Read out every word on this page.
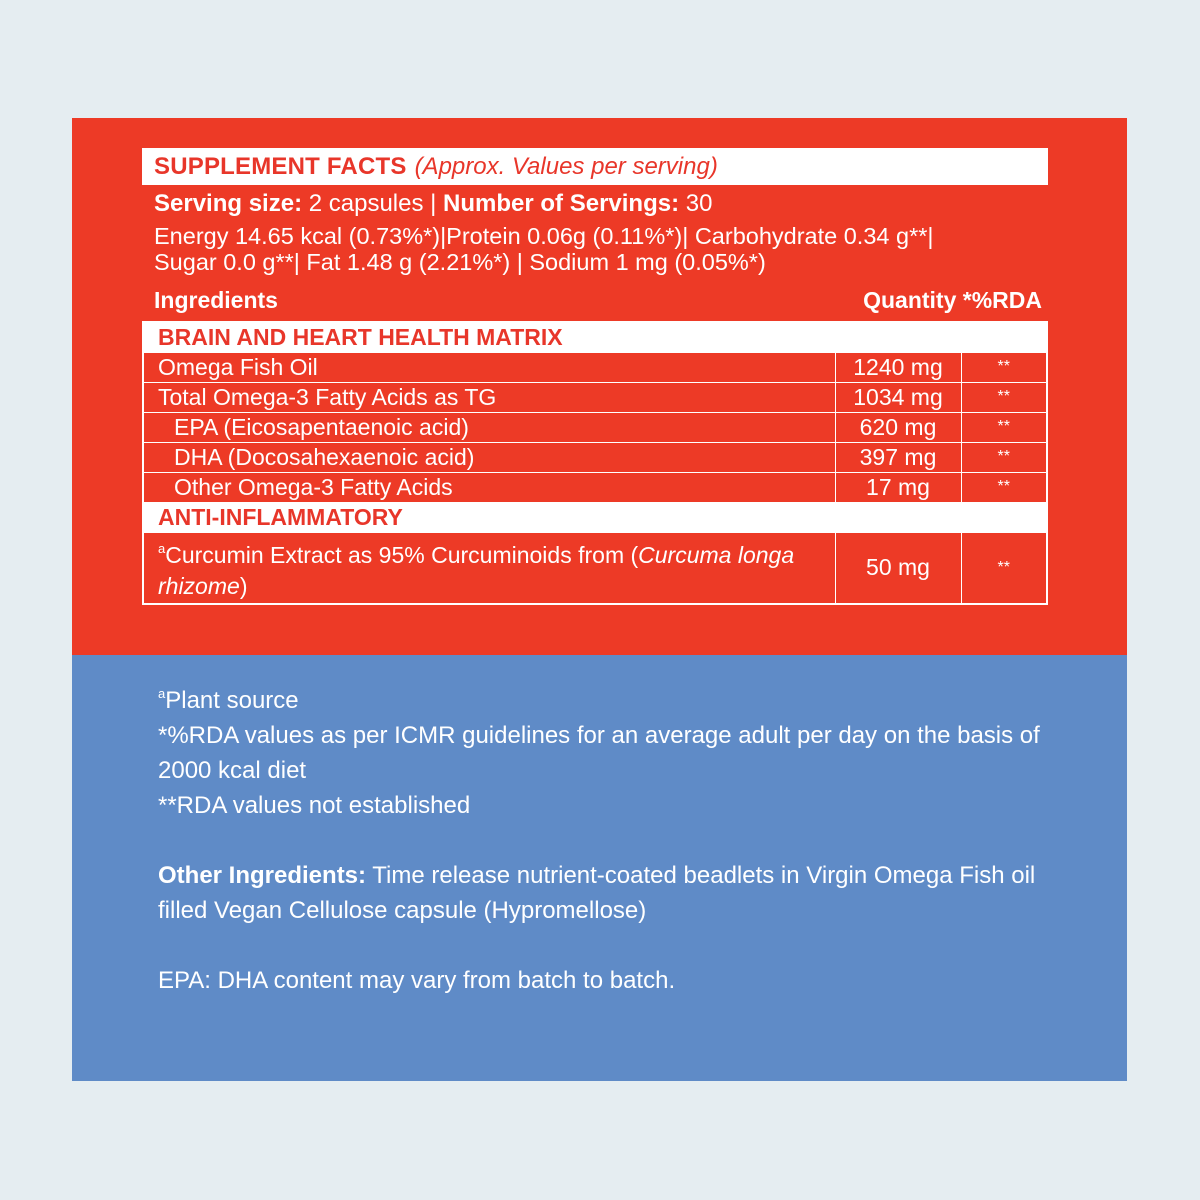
SUPPLEMENT FACTS (Approx. Values per serving)
Serving size: 2 capsules | Number of Servings: 30
Energy 14.65 kcal (0.73%*)|Protein 0.06g (0.11%*)| Carbohydrate 0.34 g**|
Sugar 0.0 g**| Fat 1.48 g (2.21%*) | Sodium 1 mg (0.05%*)
Ingredients	Quantity *%RDA
BRAIN AND HEART HEALTH MATRIX		
Omega Fish Oil	1240 mg	**
Total Omega-3 Fatty Acids as TG	1034 mg	**
EPA (Eicosapentaenoic acid)	620 mg	**
DHA (Docosahexaenoic acid)	397 mg	**
Other Omega-3 Fatty Acids	17 mg	**
ANTI-INFLAMMATORY		
$^a$Curcumin Extract as 95% Curcuminoids from (Curcuma longa rhizome)	50 mg	**

$^a$Plant source

*%RDA values as per ICMR guidelines for an average adult per day on the basis of 2000 kcal diet

**RDA values not established

Other Ingredients: Time release nutrient-coated beadlets in Virgin Omega Fish oil filled Vegan Cellulose capsule (Hypromellose)

EPA: DHA content may vary from batch to batch.
